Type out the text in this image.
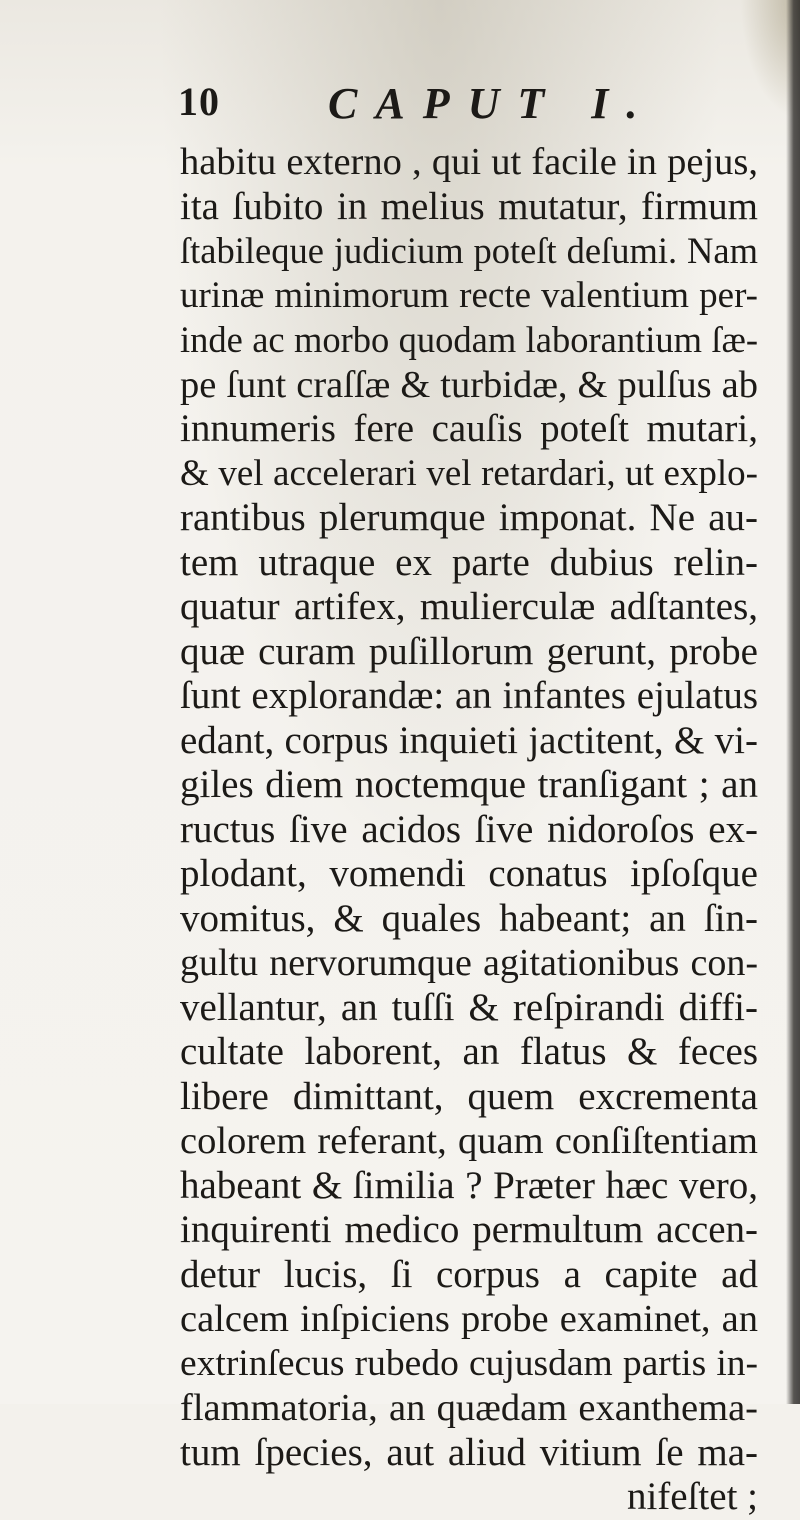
10 CAPUT I.
habitu externo , qui ut facile in pejus,
ita ſubito in melius mutatur, firmum
ſtabileque judicium poteſt deſumi. Nam
urinæ minimorum recte valentium per-
inde ac morbo quodam laborantium ſæ-
pe ſunt craſſæ & turbidæ, & pulſus ab
innumeris fere cauſis poteſt mutari,
& vel accelerari vel retardari, ut explo-
rantibus plerumque imponat. Ne au-
tem utraque ex parte dubius relin-
quatur artifex, mulierculæ adſtantes,
quæ curam puſillorum gerunt, probe
ſunt explorandæ: an infantes ejulatus
edant, corpus inquieti jactitent, & vi-
giles diem noctemque tranſigant ; an
ructus ſive acidos ſive nidoroſos ex-
plodant, vomendi conatus ipſoſque
vomitus, & quales habeant; an ſin-
gultu nervorumque agitationibus con-
vellantur, an tuſſi & reſpirandi diffi-
cultate laborent, an flatus & feces
libere dimittant, quem excrementa
colorem referant, quam conſiſtentiam
habeant & ſimilia ? Præter hæc vero,
inquirenti medico permultum accen-
detur lucis, ſi corpus a capite ad
calcem inſpiciens probe examinet, an
extrinſecus rubedo cujusdam partis in-
flammatoria, an quædam exanthema-
tum ſpecies, aut aliud vitium ſe ma-
nifeſtet ;
